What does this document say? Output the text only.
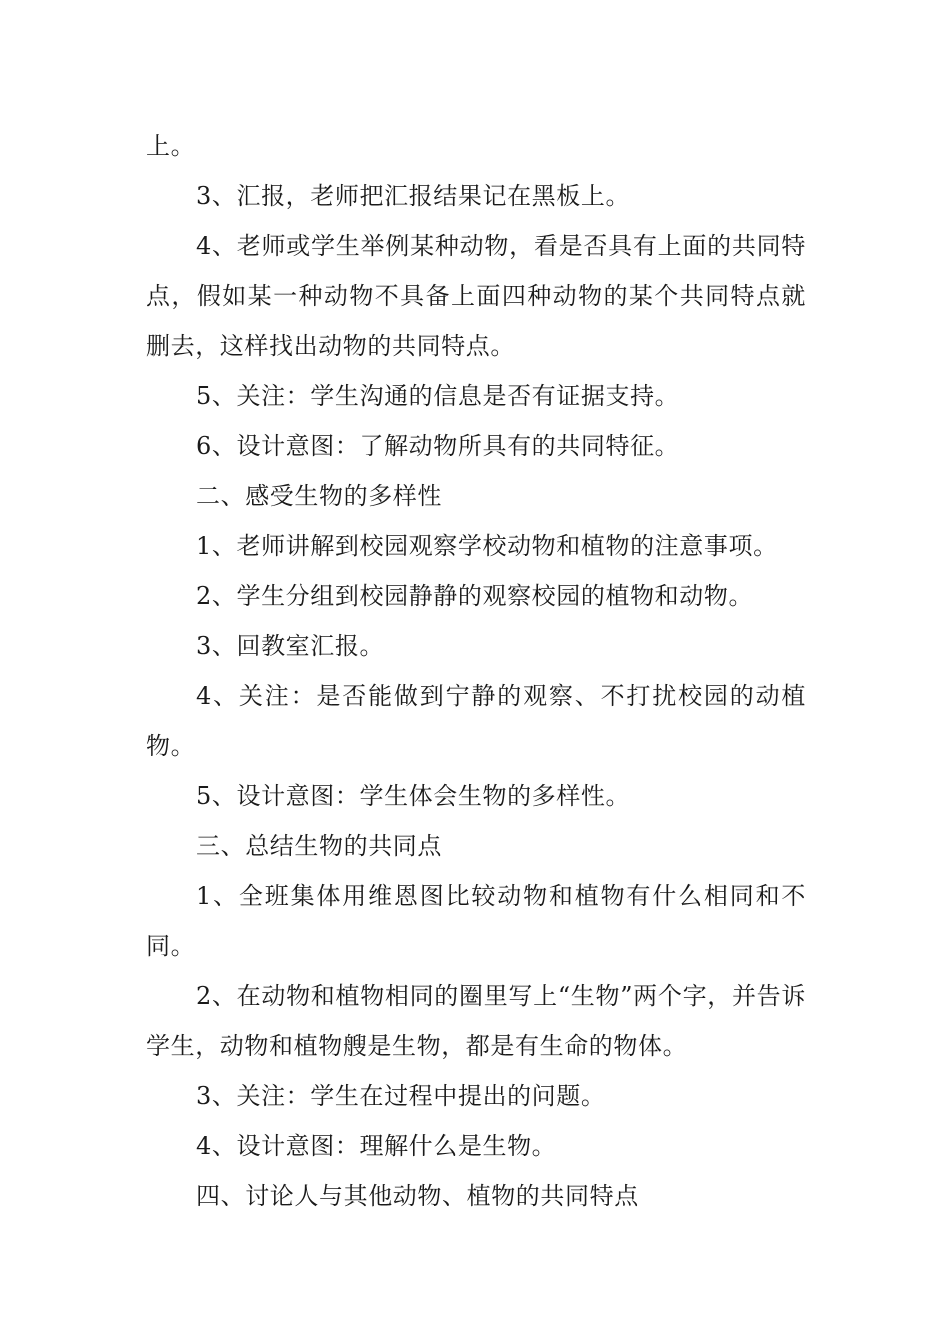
上。

3、汇报，老师把汇报结果记在黑板上。

4、老师或学生举例某种动物，看是否具有上面的共同特点，假如某一种动物不具备上面四种动物的某个共同特点就删去，这样找出动物的共同特点。

5、关注：学生沟通的信息是否有证据支持。

6、设计意图：了解动物所具有的共同特征。

二、感受生物的多样性

1、老师讲解到校园观察学校动物和植物的注意事项。

2、学生分组到校园静静的观察校园的植物和动物。

3、回教室汇报。

4、关注：是否能做到宁静的观察、不打扰校园的动植物。

5、设计意图：学生体会生物的多样性。

三、总结生物的共同点

1、全班集体用维恩图比较动物和植物有什么相同和不同。

2、在动物和植物相同的圈里写上“生物”两个字，并告诉学生，动物和植物艘是生物，都是有生命的物体。

3、关注：学生在过程中提出的问题。

4、设计意图：理解什么是生物。

四、讨论人与其他动物、植物的共同特点
